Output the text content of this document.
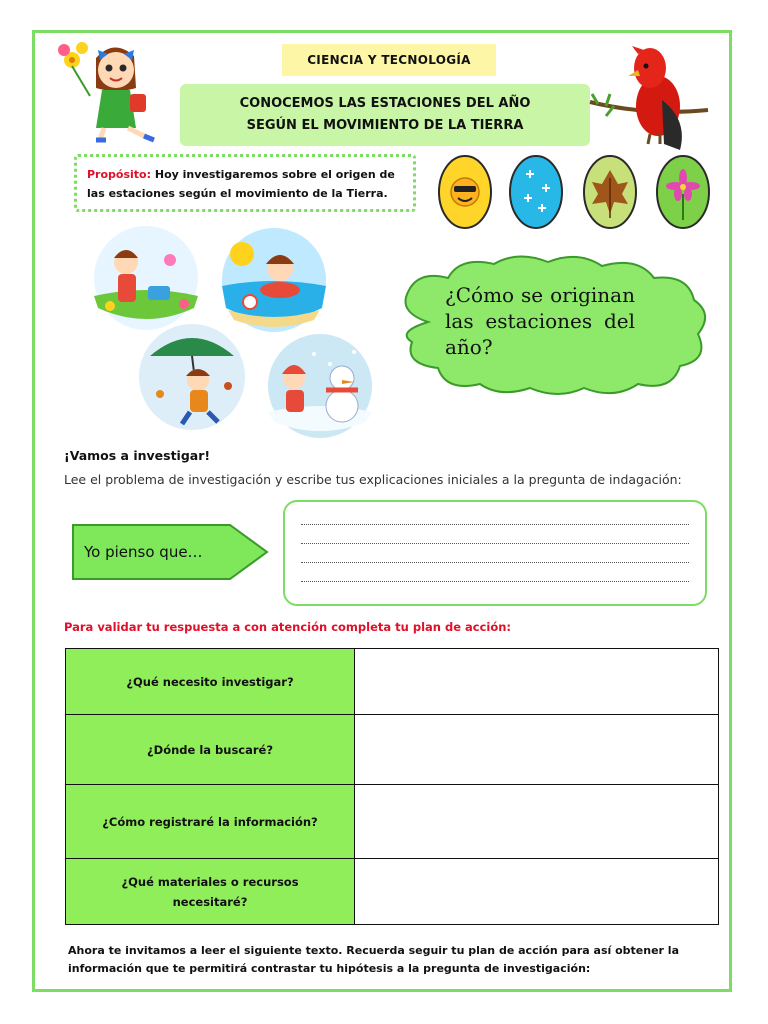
CIENCIA Y TECNOLOGÍA
CONOCEMOS LAS ESTACIONES DEL AÑO
SEGÚN EL MOVIMIENTO DE LA TIERRA
Propósito: Hoy investigaremos sobre el origen de las estaciones según el movimiento de la Tierra.
¿Cómo se originan las estaciones del año?
¡Vamos a investigar!
Lee el problema de investigación y escribe tus explicaciones iniciales a la pregunta de indagación:
Yo pienso que…
Para validar tu respuesta a con atención completa tu plan de acción:
¿Qué necesito investigar?	
¿Dónde la buscaré?	
¿Cómo registraré la información?	
¿Qué materiales o recursos necesitaré?	
Ahora te invitamos a leer el siguiente texto. Recuerda seguir tu plan de acción para así obtener la información que te permitirá contrastar tu hipótesis a la pregunta de investigación:
